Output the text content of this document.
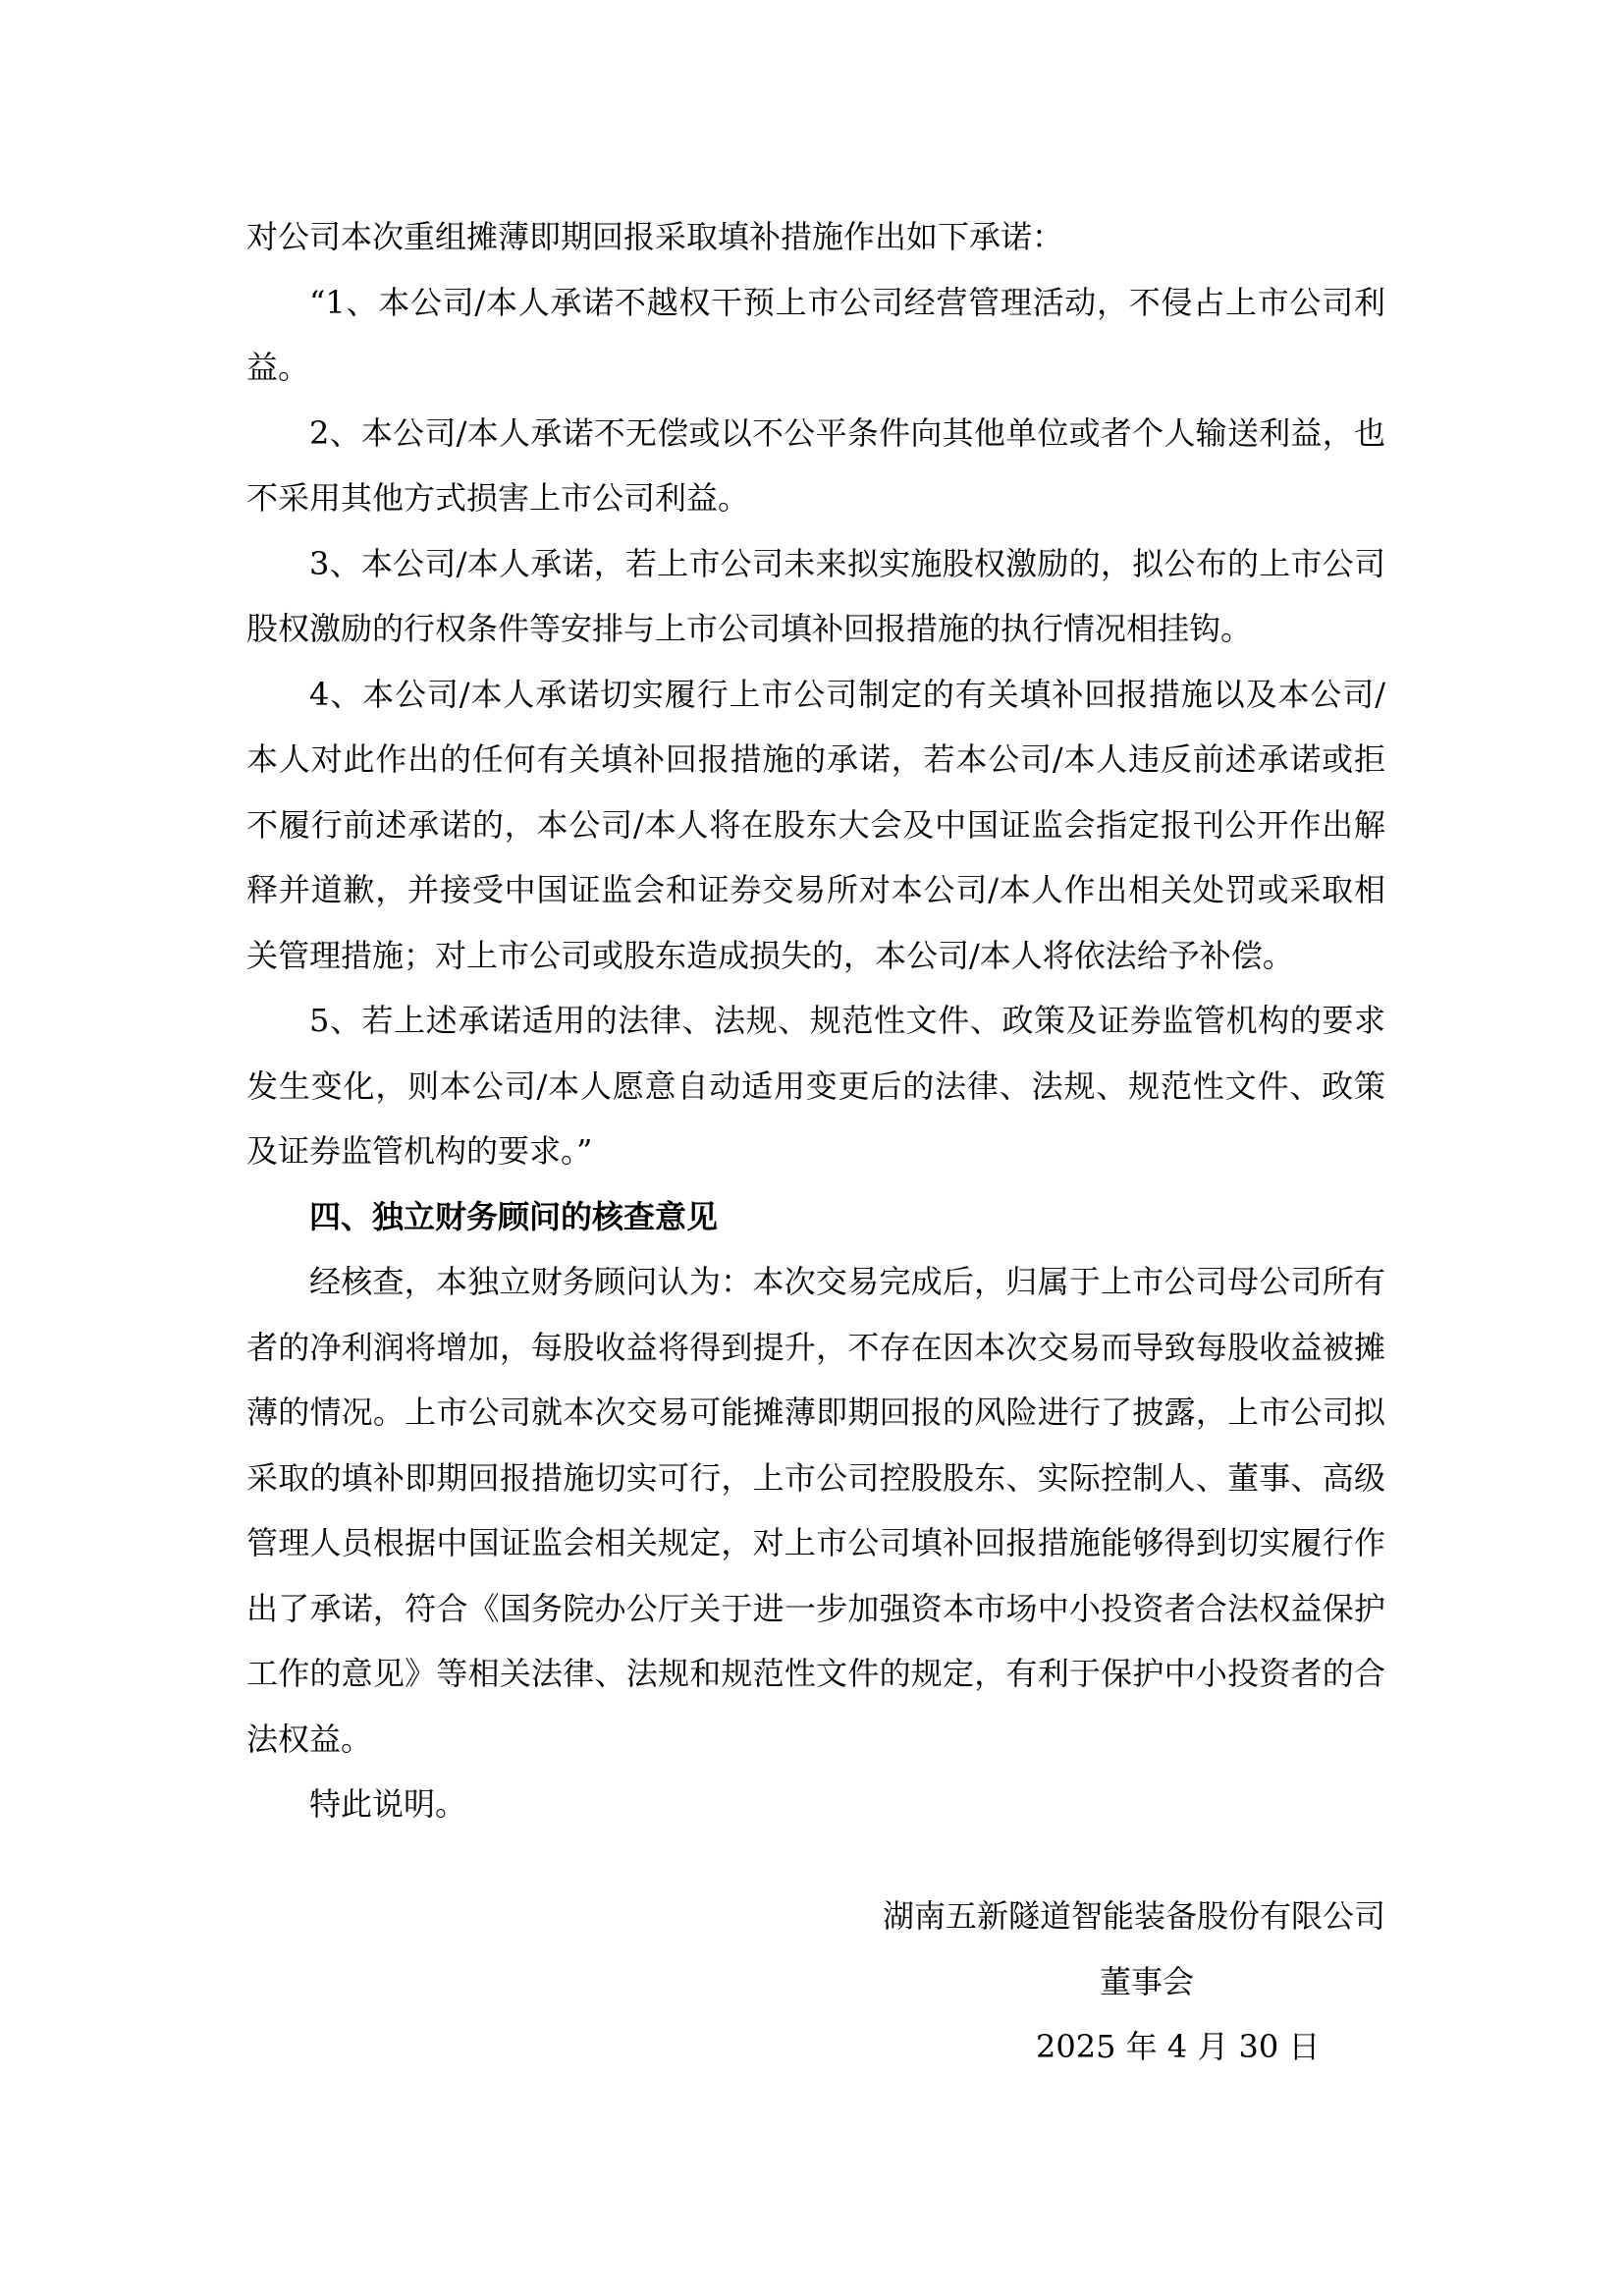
对公司本次重组摊薄即期回报采取填补措施作出如下承诺：

“1、本公司/本人承诺不越权干预上市公司经营管理活动，不侵占上市公司利益。

2、本公司/本人承诺不无偿或以不公平条件向其他单位或者个人输送利益，也不采用其他方式损害上市公司利益。

3、本公司/本人承诺，若上市公司未来拟实施股权激励的，拟公布的上市公司股权激励的行权条件等安排与上市公司填补回报措施的执行情况相挂钩。

4、本公司/本人承诺切实履行上市公司制定的有关填补回报措施以及本公司/本人对此作出的任何有关填补回报措施的承诺，若本公司/本人违反前述承诺或拒不履行前述承诺的，本公司/本人将在股东大会及中国证监会指定报刊公开作出解释并道歉，并接受中国证监会和证券交易所对本公司/本人作出相关处罚或采取相关管理措施；对上市公司或股东造成损失的，本公司/本人将依法给予补偿。

5、若上述承诺适用的法律、法规、规范性文件、政策及证券监管机构的要求发生变化，则本公司/本人愿意自动适用变更后的法律、法规、规范性文件、政策及证券监管机构的要求。”

四、独立财务顾问的核查意见

经核查，本独立财务顾问认为：本次交易完成后，归属于上市公司母公司所有者的净利润将增加，每股收益将得到提升，不存在因本次交易而导致每股收益被摊薄的情况。上市公司就本次交易可能摊薄即期回报的风险进行了披露，上市公司拟采取的填补即期回报措施切实可行，上市公司控股股东、实际控制人、董事、高级管理人员根据中国证监会相关规定，对上市公司填补回报措施能够得到切实履行作出了承诺，符合《国务院办公厅关于进一步加强资本市场中小投资者合法权益保护工作的意见》等相关法律、法规和规范性文件的规定，有利于保护中小投资者的合法权益。

特此说明。

湖南五新隧道智能装备股份有限公司
董事会
2025 年 4 月 30 日
